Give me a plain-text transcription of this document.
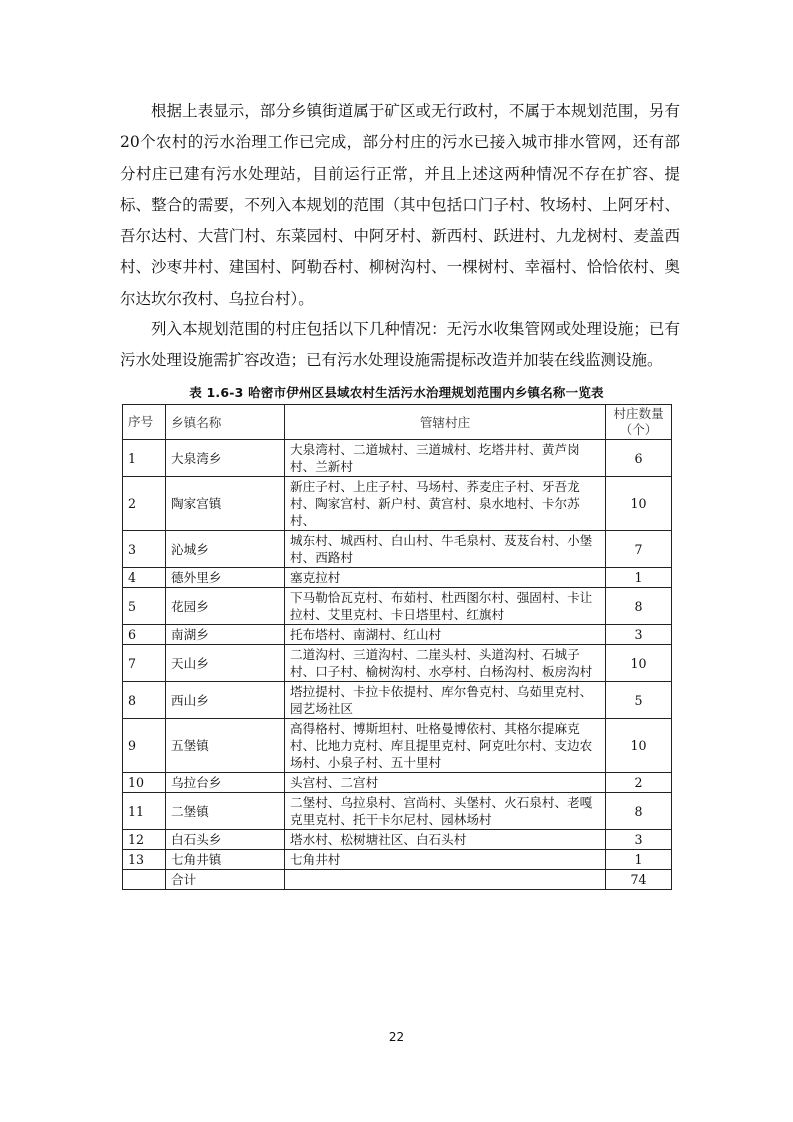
根据上表显示，部分乡镇街道属于矿区或无行政村，不属于本规划范围，另有20个农村的污水治理工作已完成，部分村庄的污水已接入城市排水管网，还有部分村庄已建有污水处理站，目前运行正常，并且上述这两种情况不存在扩容、提标、整合的需要，不列入本规划的范围（其中包括口门子村、牧场村、上阿牙村、吾尔达村、大营门村、东菜园村、中阿牙村、新西村、跃进村、九龙树村、麦盖西村、沙枣井村、建国村、阿勒吞村、柳树沟村、一棵树村、幸福村、恰恰依村、奥尔达坎尔孜村、乌拉台村）。

列入本规划范围的村庄包括以下几种情况：无污水收集管网或处理设施；已有污水处理设施需扩容改造；已有污水处理设施需提标改造并加装在线监测设施。

表 1.6-3 哈密市伊州区县域农村生活污水治理规划范围内乡镇名称一览表
序号	乡镇名称	管辖村庄	村庄数量（个）
1	大泉湾乡	大泉湾村、二道城村、三道城村、圪塔井村、黄芦岗村、兰新村	6
2	陶家宫镇	新庄子村、上庄子村、马场村、荞麦庄子村、牙吾龙村、陶家宫村、新户村、黄宫村、泉水地村、卡尔苏村、	10
3	沁城乡	城东村、城西村、白山村、牛毛泉村、芨芨台村、小堡村、西路村	7
4	德外里乡	塞克拉村	1
5	花园乡	下马勒恰瓦克村、布茹村、杜西图尔村、强固村、卡让拉村、艾里克村、卡日塔里村、红旗村	8
6	南湖乡	托布塔村、南湖村、红山村	3
7	天山乡	二道沟村、三道沟村、二崖头村、头道沟村、石城子村、口子村、榆树沟村、水亭村、白杨沟村、板房沟村	10
8	西山乡	塔拉提村、卡拉卡依提村、库尔鲁克村、乌茹里克村、园艺场社区	5
9	五堡镇	高得格村、博斯坦村、吐格曼博依村、其格尔提麻克村、比地力克村、库且提里克村、阿克吐尔村、支边农场村、小泉子村、五十里村	10
10	乌拉台乡	头宫村、二宫村	2
11	二堡镇	二堡村、乌拉泉村、宫尚村、头堡村、火石泉村、老嘎克里克村、托干卡尔尼村、园林场村	8
12	白石头乡	塔水村、松树塘社区、白石头村	3
13	七角井镇	七角井村	1
	合计		74
22
